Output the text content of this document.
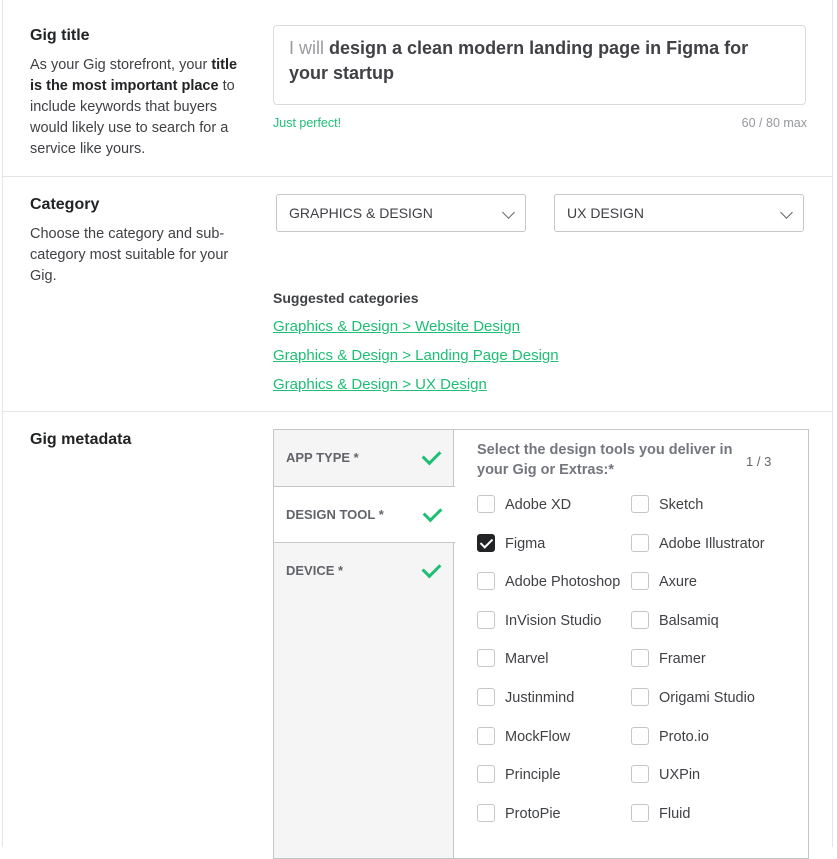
Gig title
As your Gig storefront, your title is the most important place to include keywords that buyers would likely use to search for a service like yours.
I will design a clean modern landing page in Figma for your startup
Just perfect!	60 / 80 max
Category
Choose the category and sub-category most suitable for your Gig.
GRAPHICS & DESIGN	UX DESIGN
Suggested categories
Graphics & Design > Website Design
Graphics & Design > Landing Page Design
Graphics & Design > UX Design
Gig metadata
APP TYPE *
DESIGN TOOL *
DEVICE *
Select the design tools you deliver in your Gig or Extras:*
1 / 3
Adobe XD	Sketch
Figma	Adobe Illustrator
Adobe Photoshop	Axure
InVision Studio	Balsamiq
Marvel	Framer
Justinmind	Origami Studio
MockFlow	Proto.io
Principle	UXPin
ProtoPie	Fluid
